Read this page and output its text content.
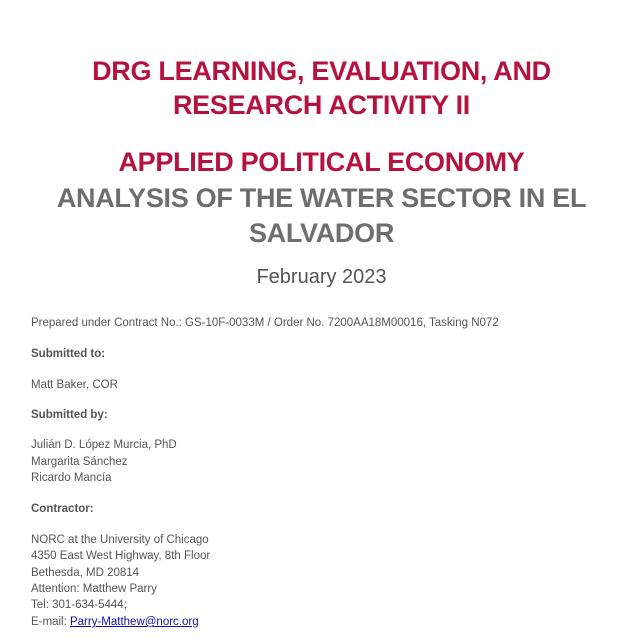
DRG LEARNING, EVALUATION, AND
RESEARCH ACTIVITY II
APPLIED POLITICAL ECONOMY
ANALYSIS OF THE WATER SECTOR IN EL
SALVADOR

February 2023

Prepared under Contract No.: GS-10F-0033M / Order No. 7200AA18M00016, Tasking N072

Submitted to:

Matt Baker, COR

Submitted by:

Julián D. López Murcia, PhD

Margarita Sánchez

Ricardo Mancía

Contractor:

NORC at the University of Chicago

4350 East West Highway, 8th Floor

Bethesda, MD 20814

Attention: Matthew Parry

Tel: 301-634-5444;

E-mail: Parry-Matthew@norc.org
